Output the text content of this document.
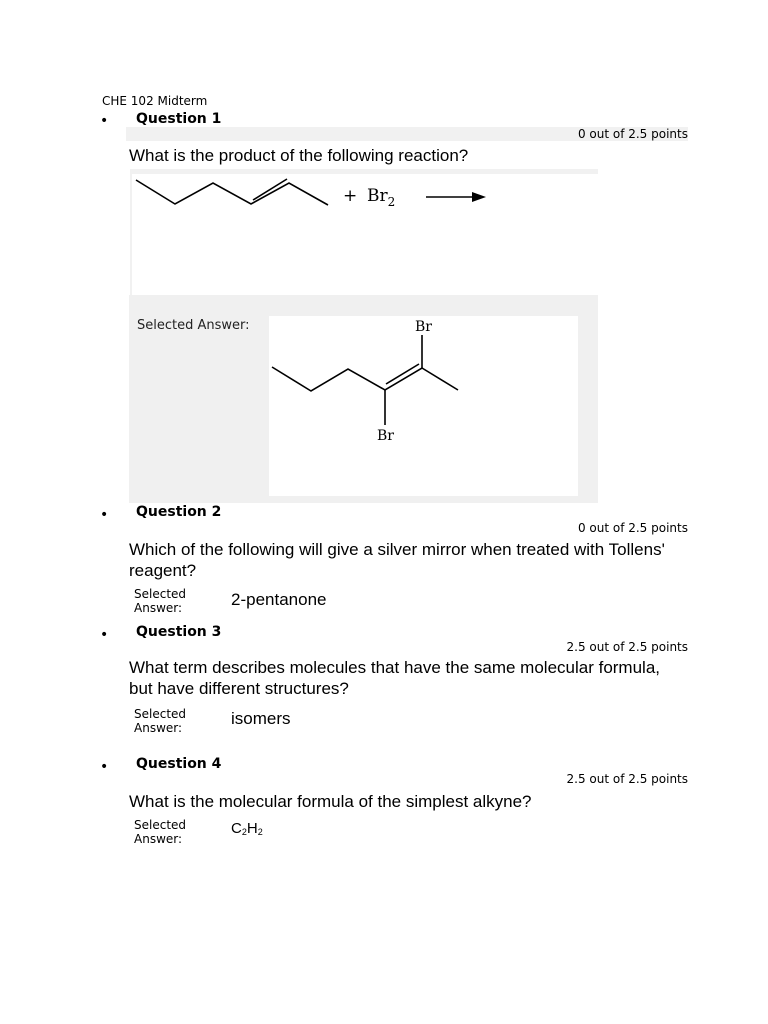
CHE 102 Midterm
• Question 1
0 out of 2.5 points
What is the product of the following reaction?
+ $Br_2$
Selected Answer:	Br
Br
• Question 2
0 out of 2.5 points
Which of the following will give a silver mirror when treated with Tollens'
reagent?
Selected
Answer:	2-pentanone
• Question 3
2.5 out of 2.5 points
What term describes molecules that have the same molecular formula,
but have different structures?
Selected
Answer:	isomers
• Question 4
2.5 out of 2.5 points
What is the molecular formula of the simplest alkyne?
Selected
Answer:
$C_2H_2$
